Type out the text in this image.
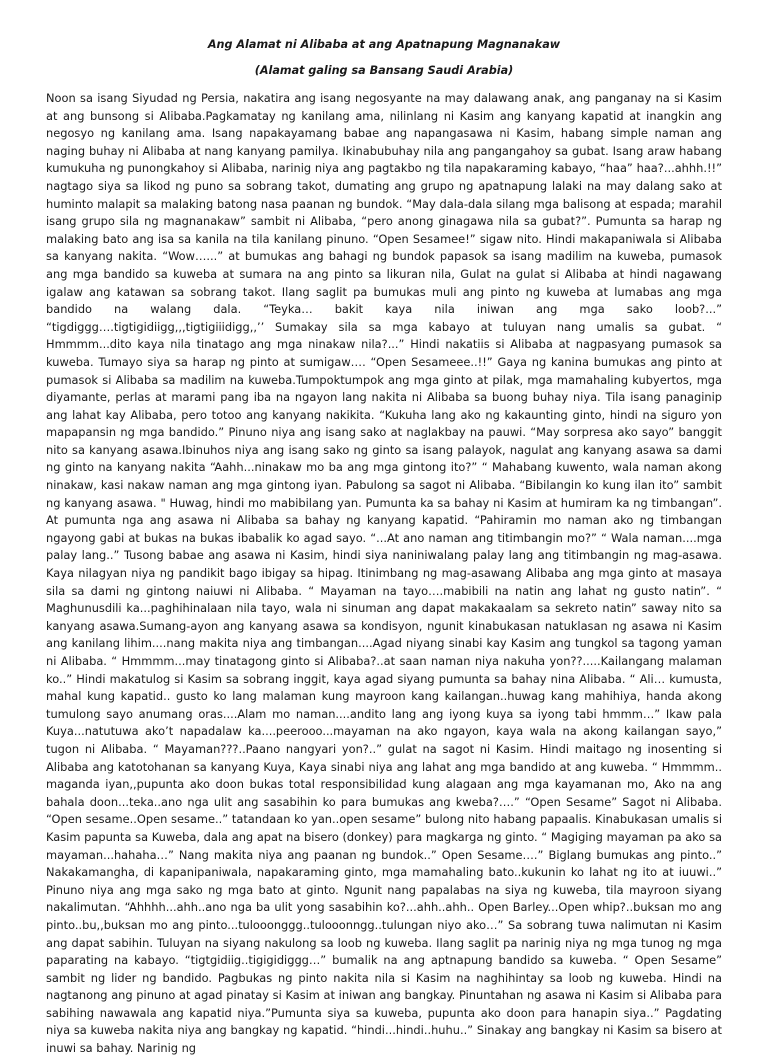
Ang Alamat ni Alibaba at ang Apatnapung Magnanakaw
(Alamat galing sa Bansang Saudi Arabia)

Noon sa isang Siyudad ng Persia, nakatira ang isang negosyante na may dalawang anak, ang panganay na si Kasim at ang bunsong si Alibaba.Pagkamatay ng kanilang ama, nilinlang ni Kasim ang kanyang kapatid at inangkin ang negosyo ng kanilang ama. Isang napakayamang babae ang napangasawa ni Kasim, habang simple naman ang naging buhay ni Alibaba at nang kanyang pamilya. Ikinabubuhay nila ang pangangahoy sa gubat. Isang araw habang kumukuha ng punongkahoy si Alibaba, narinig niya ang pagtakbo ng tila napakaraming kabayo, “haa” haa?...ahhh.!!” nagtago siya sa likod ng puno sa sobrang takot, dumating ang grupo ng apatnapung lalaki na may dalang sako at huminto malapit sa malaking batong nasa paanan ng bundok. “May dala-dala silang mga balisong at espada; marahil isang grupo sila ng magnanakaw” sambit ni Alibaba, “pero anong ginagawa nila sa gubat?”. Pumunta sa harap ng malaking bato ang isa sa kanila na tila kanilang pinuno. “Open Sesamee!” sigaw nito. Hindi makapaniwala si Alibaba sa kanyang nakita. “Wow…...” at bumukas ang bahagi ng bundok papasok sa isang madilim na kuweba, pumasok ang mga bandido sa kuweba at sumara na ang pinto sa likuran nila, Gulat na gulat si Alibaba at hindi nagawang igalaw ang katawan sa sobrang takot. Ilang saglit pa bumukas muli ang pinto ng kuweba at lumabas ang mga bandido na walang dala. “Teyka… bakit kaya nila iniwan ang mga sako loob?...” “tigdiggg….tigtigidiigg,,,tigtigiiidigg,,’’ Sumakay sila sa mga kabayo at tuluyan nang umalis sa gubat. “ Hmmmm...dito kaya nila tinatago ang mga ninakaw nila?...” Hindi nakatiis si Alibaba at nagpasyang pumasok sa kuweba. Tumayo siya sa harap ng pinto at sumigaw…. “Open Sesameee..!!” Gaya ng kanina bumukas ang pinto at pumasok si Alibaba sa madilim na kuweba.Tumpoktumpok ang mga ginto at pilak, mga mamahaling kubyertos, mga diyamante, perlas at marami pang iba na ngayon lang nakita ni Alibaba sa buong buhay niya. Tila isang panaginip ang lahat kay Alibaba, pero totoo ang kanyang nakikita. “Kukuha lang ako ng kakaunting ginto, hindi na siguro yon mapapansin ng mga bandido.” Pinuno niya ang isang sako at naglakbay na pauwi. “May sorpresa ako sayo” banggit nito sa kanyang asawa.Ibinuhos niya ang isang sako ng ginto sa isang palayok, nagulat ang kanyang asawa sa dami ng ginto na kanyang nakita “Aahh...ninakaw mo ba ang mga gintong ito?” “ Mahabang kuwento, wala naman akong ninakaw, kasi nakaw naman ang mga gintong iyan. Pabulong sa sagot ni Alibaba. “Bibilangin ko kung ilan ito” sambit ng kanyang asawa. " Huwag, hindi mo mabibilang yan. Pumunta ka sa bahay ni Kasim at humiram ka ng timbangan”. At pumunta nga ang asawa ni Alibaba sa bahay ng kanyang kapatid. “Pahiramin mo naman ako ng timbangan ngayong gabi at bukas na bukas ibabalik ko agad sayo. “...At ano naman ang titimbangin mo?” “ Wala naman....mga palay lang..” Tusong babae ang asawa ni Kasim, hindi siya naniniwalang palay lang ang titimbangin ng mag-asawa. Kaya nilagyan niya ng pandikit bago ibigay sa hipag. Itinimbang ng mag-asawang Alibaba ang mga ginto at masaya sila sa dami ng gintong naiuwi ni Alibaba. “ Mayaman na tayo….mabibili na natin ang lahat ng gusto natin”. “ Maghunusdili ka...paghihinalaan nila tayo, wala ni sinuman ang dapat makakaalam sa sekreto natin” saway nito sa kanyang asawa.Sumang-ayon ang kanyang asawa sa kondisyon, ngunit kinabukasan natuklasan ng asawa ni Kasim ang kanilang lihim....nang makita niya ang timbangan....Agad niyang sinabi kay Kasim ang tungkol sa tagong yaman ni Alibaba. “ Hmmmm...may tinatagong ginto si Alibaba?..at saan naman niya nakuha yon??.....Kailangang malaman ko..” Hindi makatulog si Kasim sa sobrang inggit, kaya agad siyang pumunta sa bahay nina Alibaba. “ Ali… kumusta, mahal kung kapatid.. gusto ko lang malaman kung mayroon kang kailangan..huwag kang mahihiya, handa akong tumulong sayo anumang oras....Alam mo naman....andito lang ang iyong kuya sa iyong tabi hmmm…” Ikaw pala Kuya...natutuwa ako’t napadalaw ka....peerooo...mayaman na ako ngayon, kaya wala na akong kailangan sayo,” tugon ni Alibaba. “ Mayaman???..Paano nangyari yon?..” gulat na sagot ni Kasim. Hindi maitago ng inosenting si Alibaba ang katotohanan sa kanyang Kuya, Kaya sinabi niya ang lahat ang mga bandido at ang kuweba. “ Hmmmm.. maganda iyan,,pupunta ako doon bukas total responsibilidad kung alagaan ang mga kayamanan mo, Ako na ang bahala doon...teka..ano nga ulit ang sasabihin ko para bumukas ang kweba?….” “Open Sesame” Sagot ni Alibaba. “Open sesame..Open sesame..” tatandaan ko yan..open sesame” bulong nito habang papaalis. Kinabukasan umalis si Kasim papunta sa Kuweba, dala ang apat na bisero (donkey) para magkarga ng ginto. “ Magiging mayaman pa ako sa mayaman...hahaha…” Nang makita niya ang paanan ng bundok..” Open Sesame….” Biglang bumukas ang pinto..” Nakakamangha, di kapanipaniwala, napakaraming ginto, mga mamahaling bato..kukunin ko lahat ng ito at iuuwi..” Pinuno niya ang mga sako ng mga bato at ginto. Ngunit nang papalabas na siya ng kuweba, tila mayroon siyang nakalimutan. “Ahhhh...ahh..ano nga ba ulit yong sasabihin ko?...ahh..ahh.. Open Barley...Open whip?..buksan mo ang pinto..bu,,buksan mo ang pinto...tulooonggg..tulooonngg..tulungan niyo ako…” Sa sobrang tuwa nalimutan ni Kasim ang dapat sabihin. Tuluyan na siyang nakulong sa loob ng kuweba. Ilang saglit pa narinig niya ng mga tunog ng mga paparating na kabayo. “tigtgidiig..tigigidiggg…” bumalik na ang aptnapung bandido sa kuweba. “ Open Sesame” sambit ng lider ng bandido. Pagbukas ng pinto nakita nila si Kasim na naghihintay sa loob ng kuweba. Hindi na nagtanong ang pinuno at agad pinatay si Kasim at iniwan ang bangkay. Pinuntahan ng asawa ni Kasim si Alibaba para sabihing nawawala ang kapatid niya.”Pumunta siya sa kuweba, pupunta ako doon para hanapin siya..” Pagdating niya sa kuweba nakita niya ang bangkay ng kapatid. “hindi...hindi..huhu..” Sinakay ang bangkay ni Kasim sa bisero at inuwi sa bahay. Narinig ng
